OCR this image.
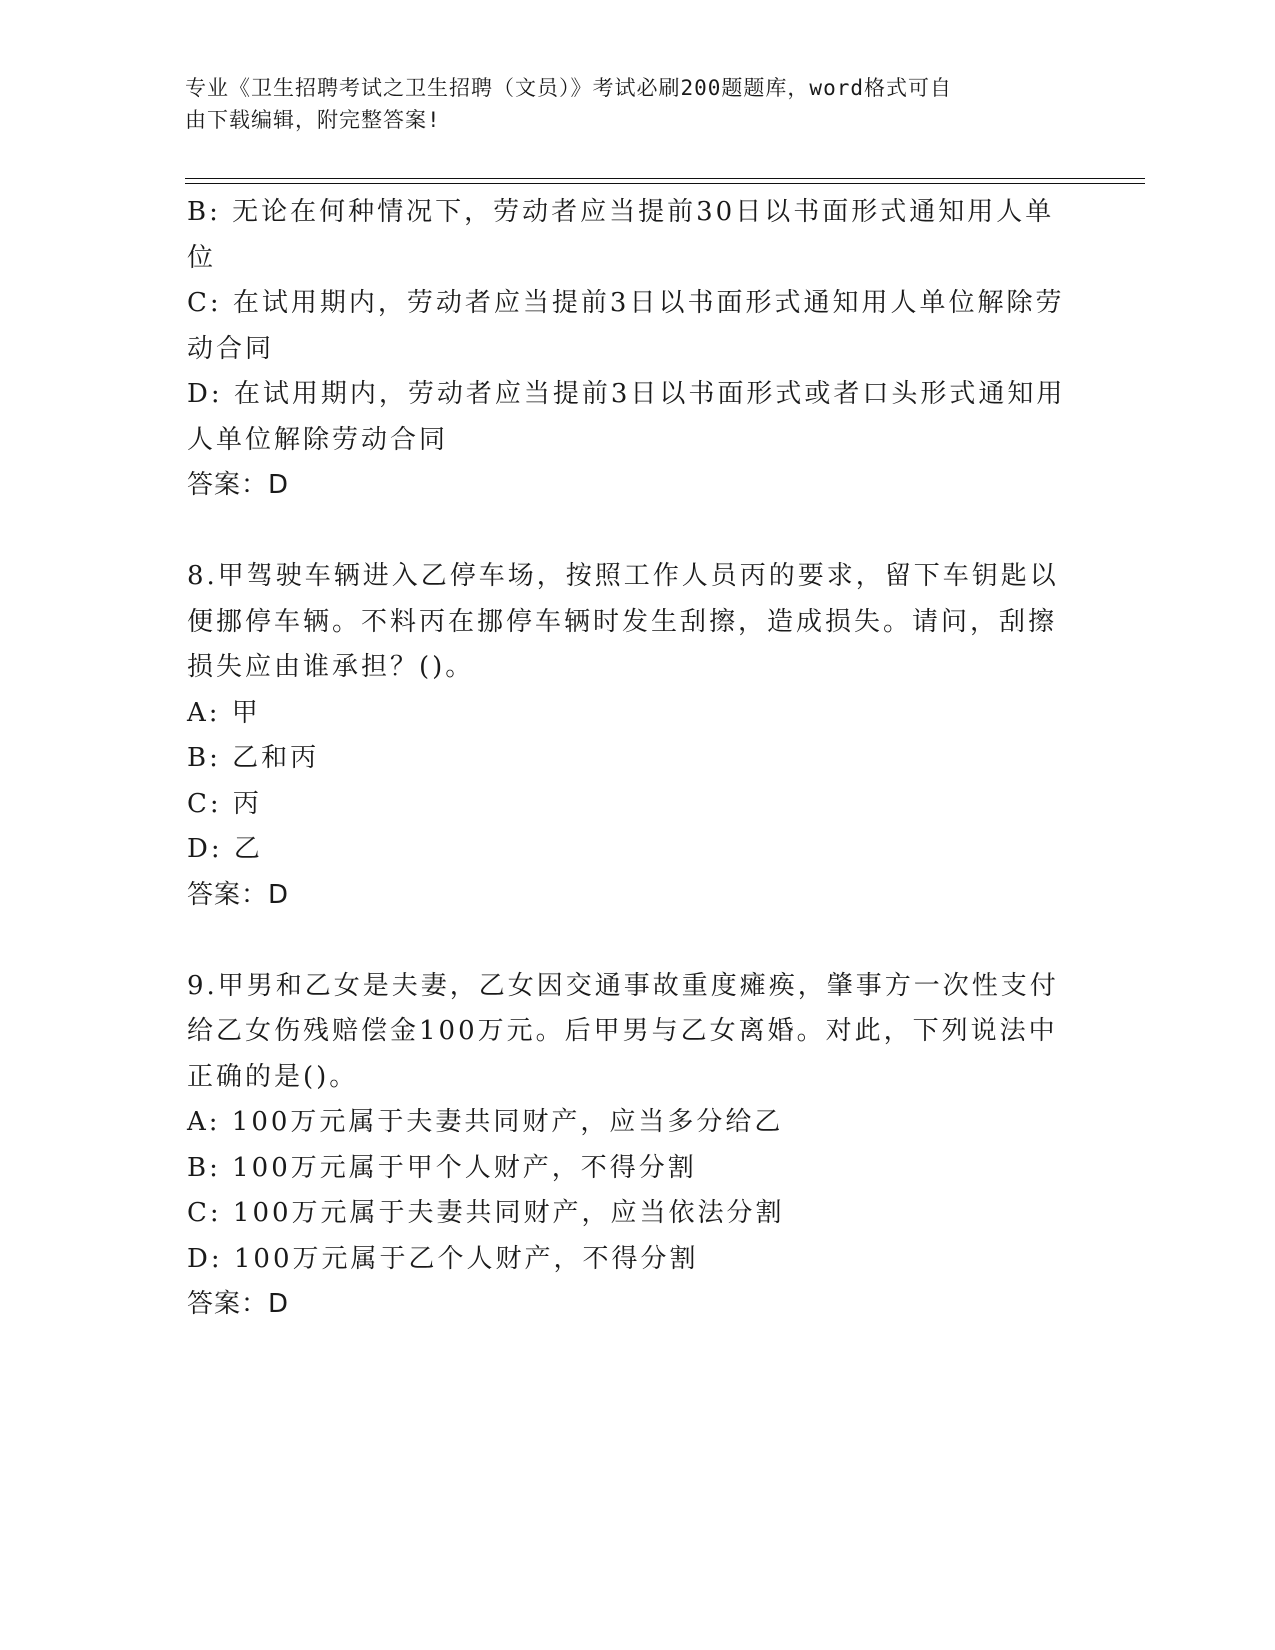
专业《卫生招聘考试之卫生招聘（文员）》考试必刷200题题库，word格式可自
由下载编辑，附完整答案!
B: 无论在何种情况下，劳动者应当提前30日以书面形式通知用人单
位
C: 在试用期内，劳动者应当提前3日以书面形式通知用人单位解除劳
动合同
D: 在试用期内，劳动者应当提前3日以书面形式或者口头形式通知用
人单位解除劳动合同
答案：D
8.甲驾驶车辆进入乙停车场，按照工作人员丙的要求，留下车钥匙以
便挪停车辆。不料丙在挪停车辆时发生刮擦，造成损失。请问，刮擦
损失应由谁承担？()。
A: 甲
B: 乙和丙
C: 丙
D: 乙
答案：D
9.甲男和乙女是夫妻，乙女因交通事故重度瘫痪，肇事方一次性支付
给乙女伤残赔偿金100万元。后甲男与乙女离婚。对此，下列说法中
正确的是()。
A: 100万元属于夫妻共同财产，应当多分给乙
B: 100万元属于甲个人财产，不得分割
C: 100万元属于夫妻共同财产，应当依法分割
D: 100万元属于乙个人财产，不得分割
答案：D
